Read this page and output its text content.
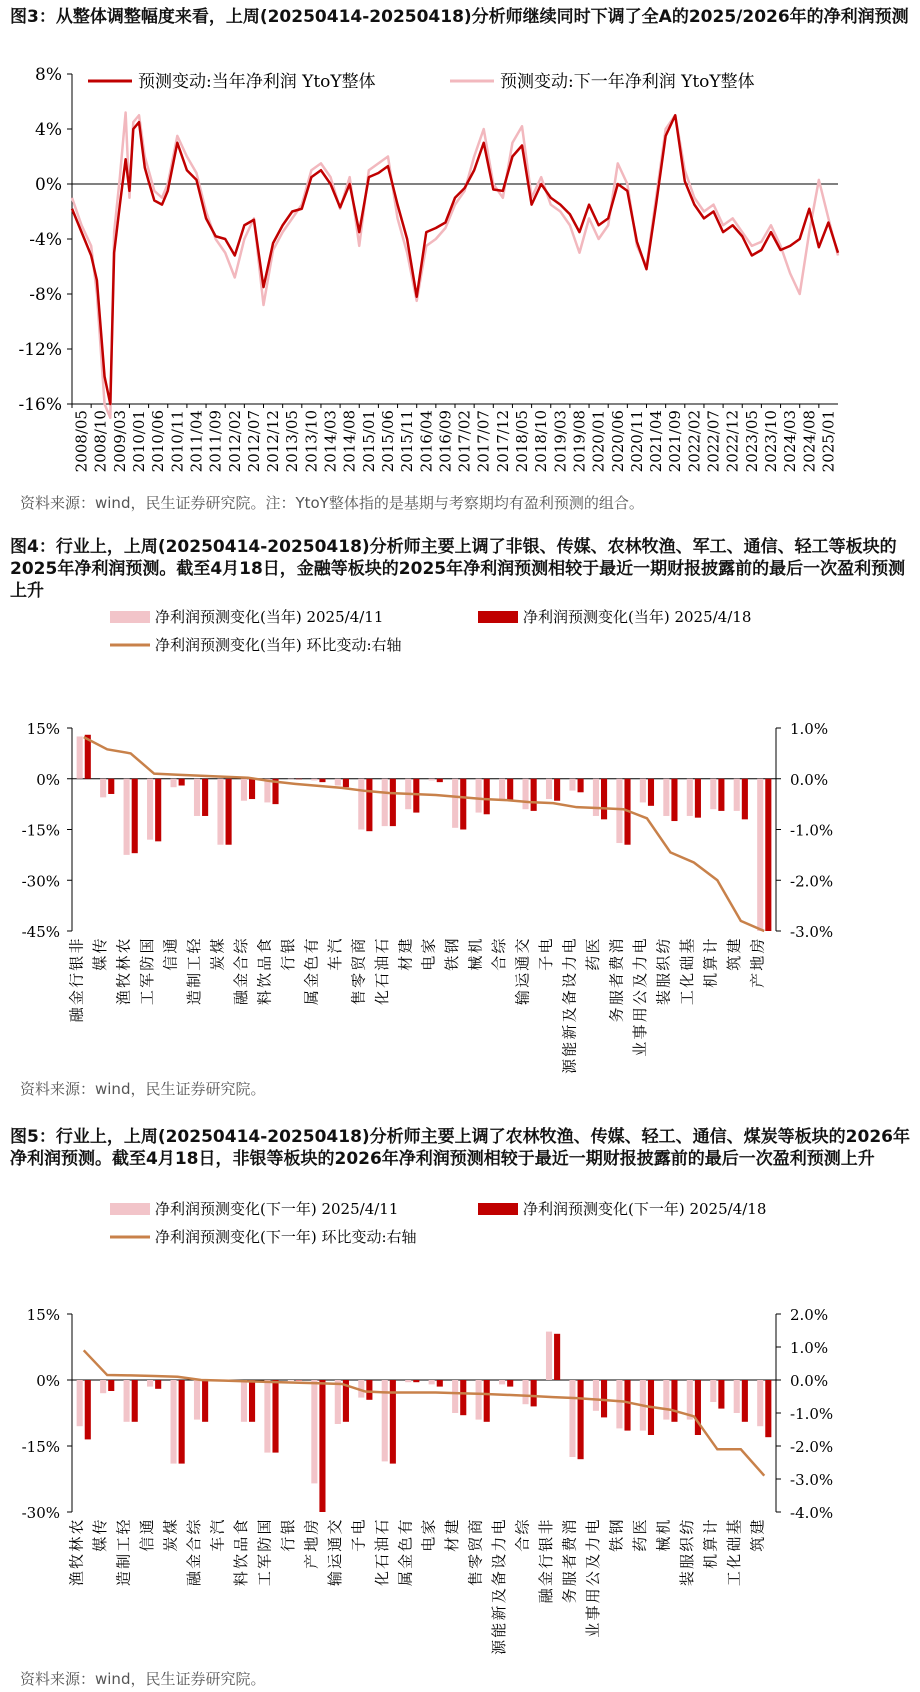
图3：从整体调整幅度来看，上周(20250414-20250418)分析师继续同时下调了全A的2025/2026年的净利润预测
8%
4%
0%
-4%
-8%
-12%
-16%
2008/05 2008/10 2009/03 2010/01 2010/06 2010/11 2011/04 2011/09 2012/02 2012/07 2012/12 2013/05 2013/10 2014/03 2014/08 2015/01 2015/06 2015/11 2016/04 2016/09 2017/02 2017/07 2017/12 2018/05 2018/10 2019/03 2019/08 2020/01 2020/06 2020/11 2021/04 2021/09 2022/02 2022/07 2022/12 2023/05 2023/10 2024/03 2024/08 2025/01
预测变动:当年净利润 YtoY整体	预测变动:下一年净利润 YtoY整体
资料来源：wind，民生证券研究院。注：YtoY整体指的是基期与考察期均有盈利预测的组合。
图4：行业上，上周(20250414-20250418)分析师主要上调了非银、传媒、农林牧渔、军工、通信、轻工等板块的2025年净利润预测。截至4月18日，金融等板块的2025年净利润预测相较于最近一期财报披露前的最后一次盈利预测上升
净利润预测变化(当年) 2025/4/11	净利润预测变化(当年) 2025/4/18
净利润预测变化(当年) 环比变动:右轴
15%
0%
-15%
-30%
-45%
1.0%
0.0%
-1.0%
-2.0%
-3.0%
非
银
行
金
融
传
媒
农
林
牧
渔
国
防
军
工
通
信
轻
工
制
造
煤
炭
综
合
金
融
食
品
饮
料
银
行
有
色
金
属
汽
车
商
贸
零
售
石
油
石
化
建
材
家
电
钢
铁
机
械
综
合
交
通
运
输
电
子
电
力
设
备
及
新
能
源
医
药
消
费
者
服
务
电
力
及
公
用
事
业
纺
织
服
装
基
础
化
工
计
算
机
建
筑
房
地
产
资料来源：wind，民生证券研究院。
图5：行业上，上周(20250414-20250418)分析师主要上调了农林牧渔、传媒、轻工、通信、煤炭等板块的2026年净利润预测。截至4月18日，非银等板块的2026年净利润预测相较于最近一期财报披露前的最后一次盈利预测上升
净利润预测变化(下一年) 2025/4/11	净利润预测变化(下一年) 2025/4/18
净利润预测变化(下一年) 环比变动:右轴
15%
0%
-15%
-30%
2.0%
1.0%
0.0%
-1.0%
-2.0%
-3.0%
-4.0%
农
林
牧
渔
传
媒
轻
工
制
造
通
信
煤
炭
综
合
金
融
汽
车
食
品
饮
料
国
防
军
工
银
行
房
地
产
交
通
运
输
电
子
石
油
石
化
有
色
金
属
家
电
建
材
商
贸
零
售
电
力
设
备
及
新
能
源
综
合
非
银
行
金
融
消
费
者
服
务
电
力
及
公
用
事
业
钢
铁
医
药
机
械
纺
织
服
装
计
算
机
基
础
化
工
建
筑
资料来源：wind，民生证券研究院。
